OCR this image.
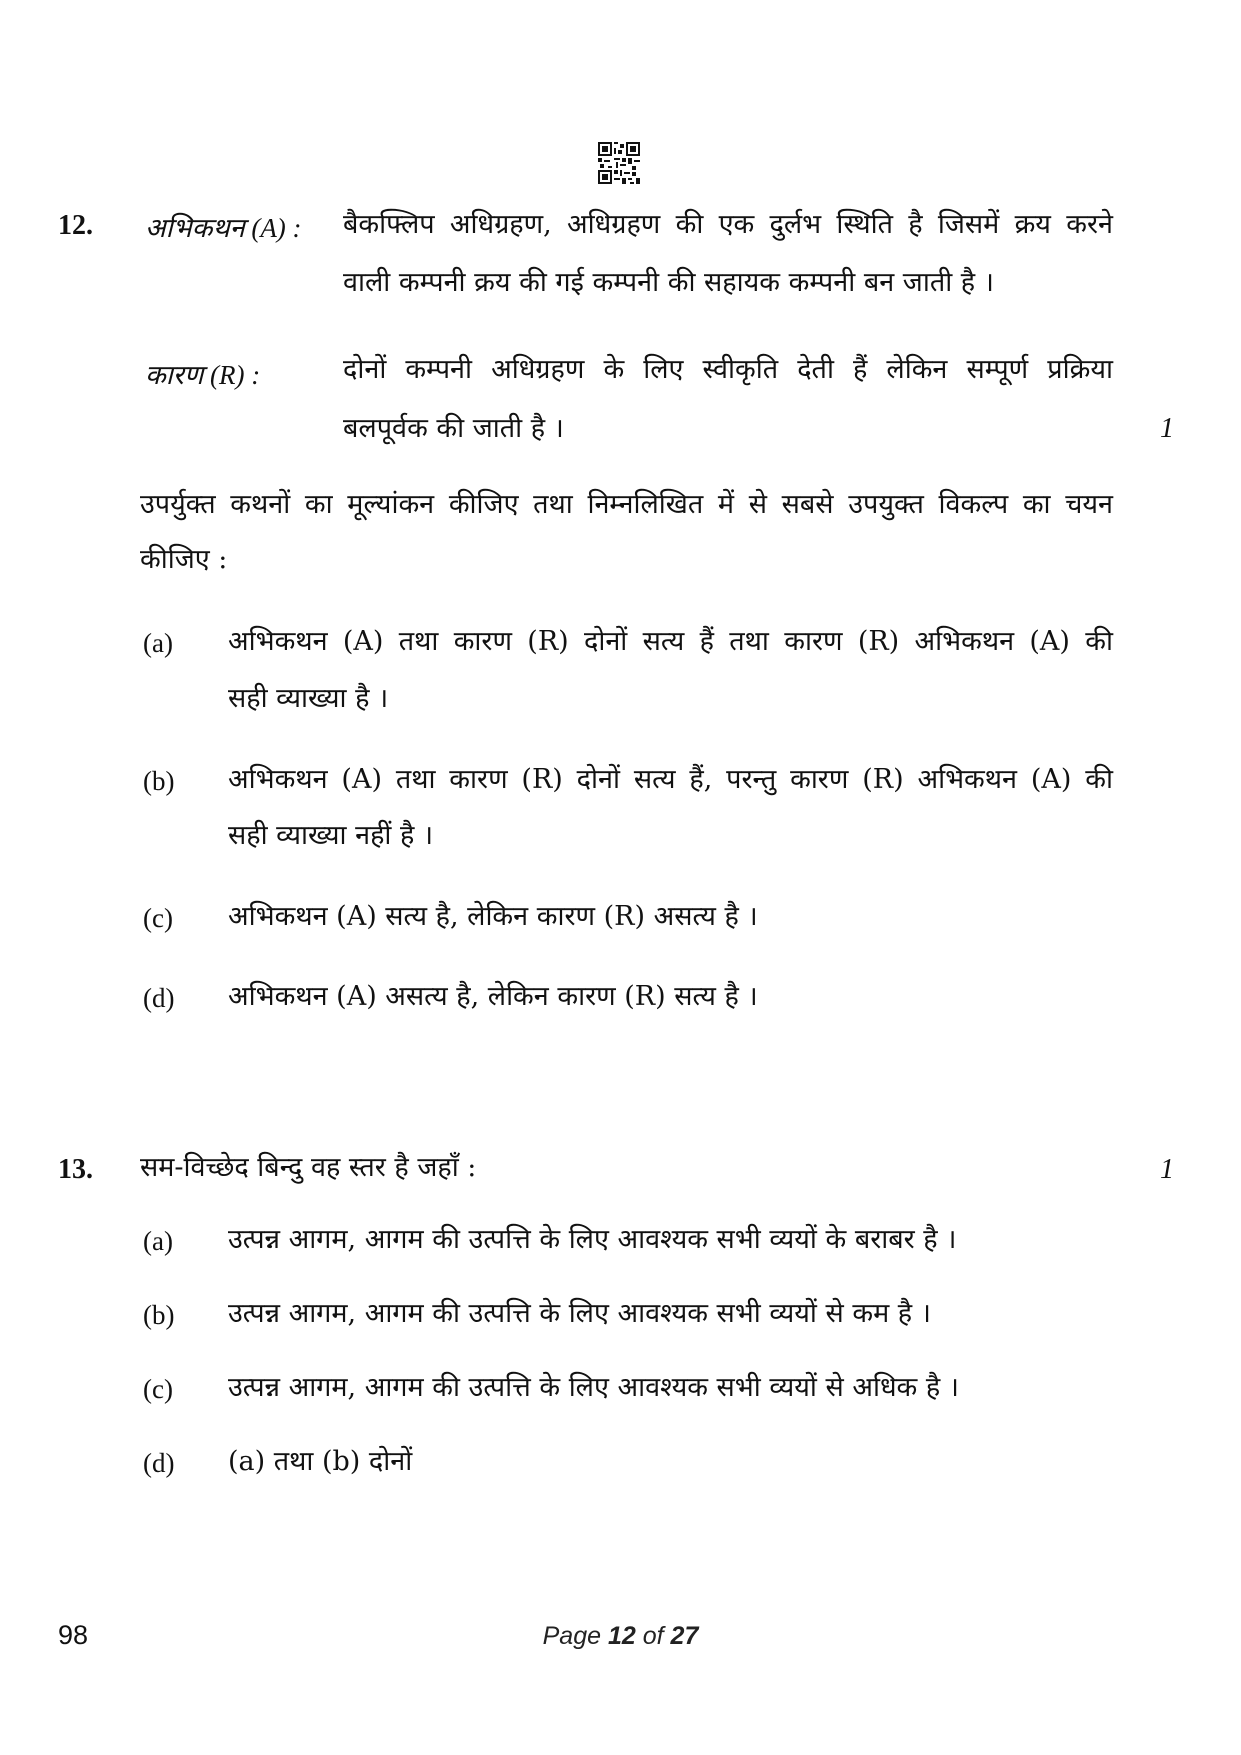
12. अभिकथन (A) : बैकफ्लिप अधिग्रहण, अधिग्रहण की एक दुर्लभ स्थिति है जिसमें क्रय करने
वाली कम्पनी क्रय की गई कम्पनी की सहायक कम्पनी बन जाती है ।
कारण (R) :	दोनों कम्पनी अधिग्रहण के लिए स्वीकृति देती हैं लेकिन सम्पूर्ण प्रक्रिया
बलपूर्वक की जाती है ।	1
उपर्युक्त कथनों का मूल्यांकन कीजिए तथा निम्नलिखित में से सबसे उपयुक्त विकल्प का चयन
कीजिए :
(a) अभिकथन (A) तथा कारण (R) दोनों सत्य हैं तथा कारण (R) अभिकथन (A) की
सही व्याख्या है ।
(b) अभिकथन (A) तथा कारण (R) दोनों सत्य हैं, परन्तु कारण (R) अभिकथन (A) की
सही व्याख्या नहीं है ।
(c) अभिकथन (A) सत्य है, लेकिन कारण (R) असत्य है ।
(d) अभिकथन (A) असत्य है, लेकिन कारण (R) सत्य है ।
13. सम-विच्छेद बिन्दु वह स्तर है जहाँ :	1
(a) उत्पन्न आगम, आगम की उत्पत्ति के लिए आवश्यक सभी व्ययों के बराबर है ।
(b) उत्पन्न आगम, आगम की उत्पत्ति के लिए आवश्यक सभी व्ययों से कम है ।
(c) उत्पन्न आगम, आगम की उत्पत्ति के लिए आवश्यक सभी व्ययों से अधिक है ।
(d) (a) तथा (b) दोनों
98	Page 12 of 27
